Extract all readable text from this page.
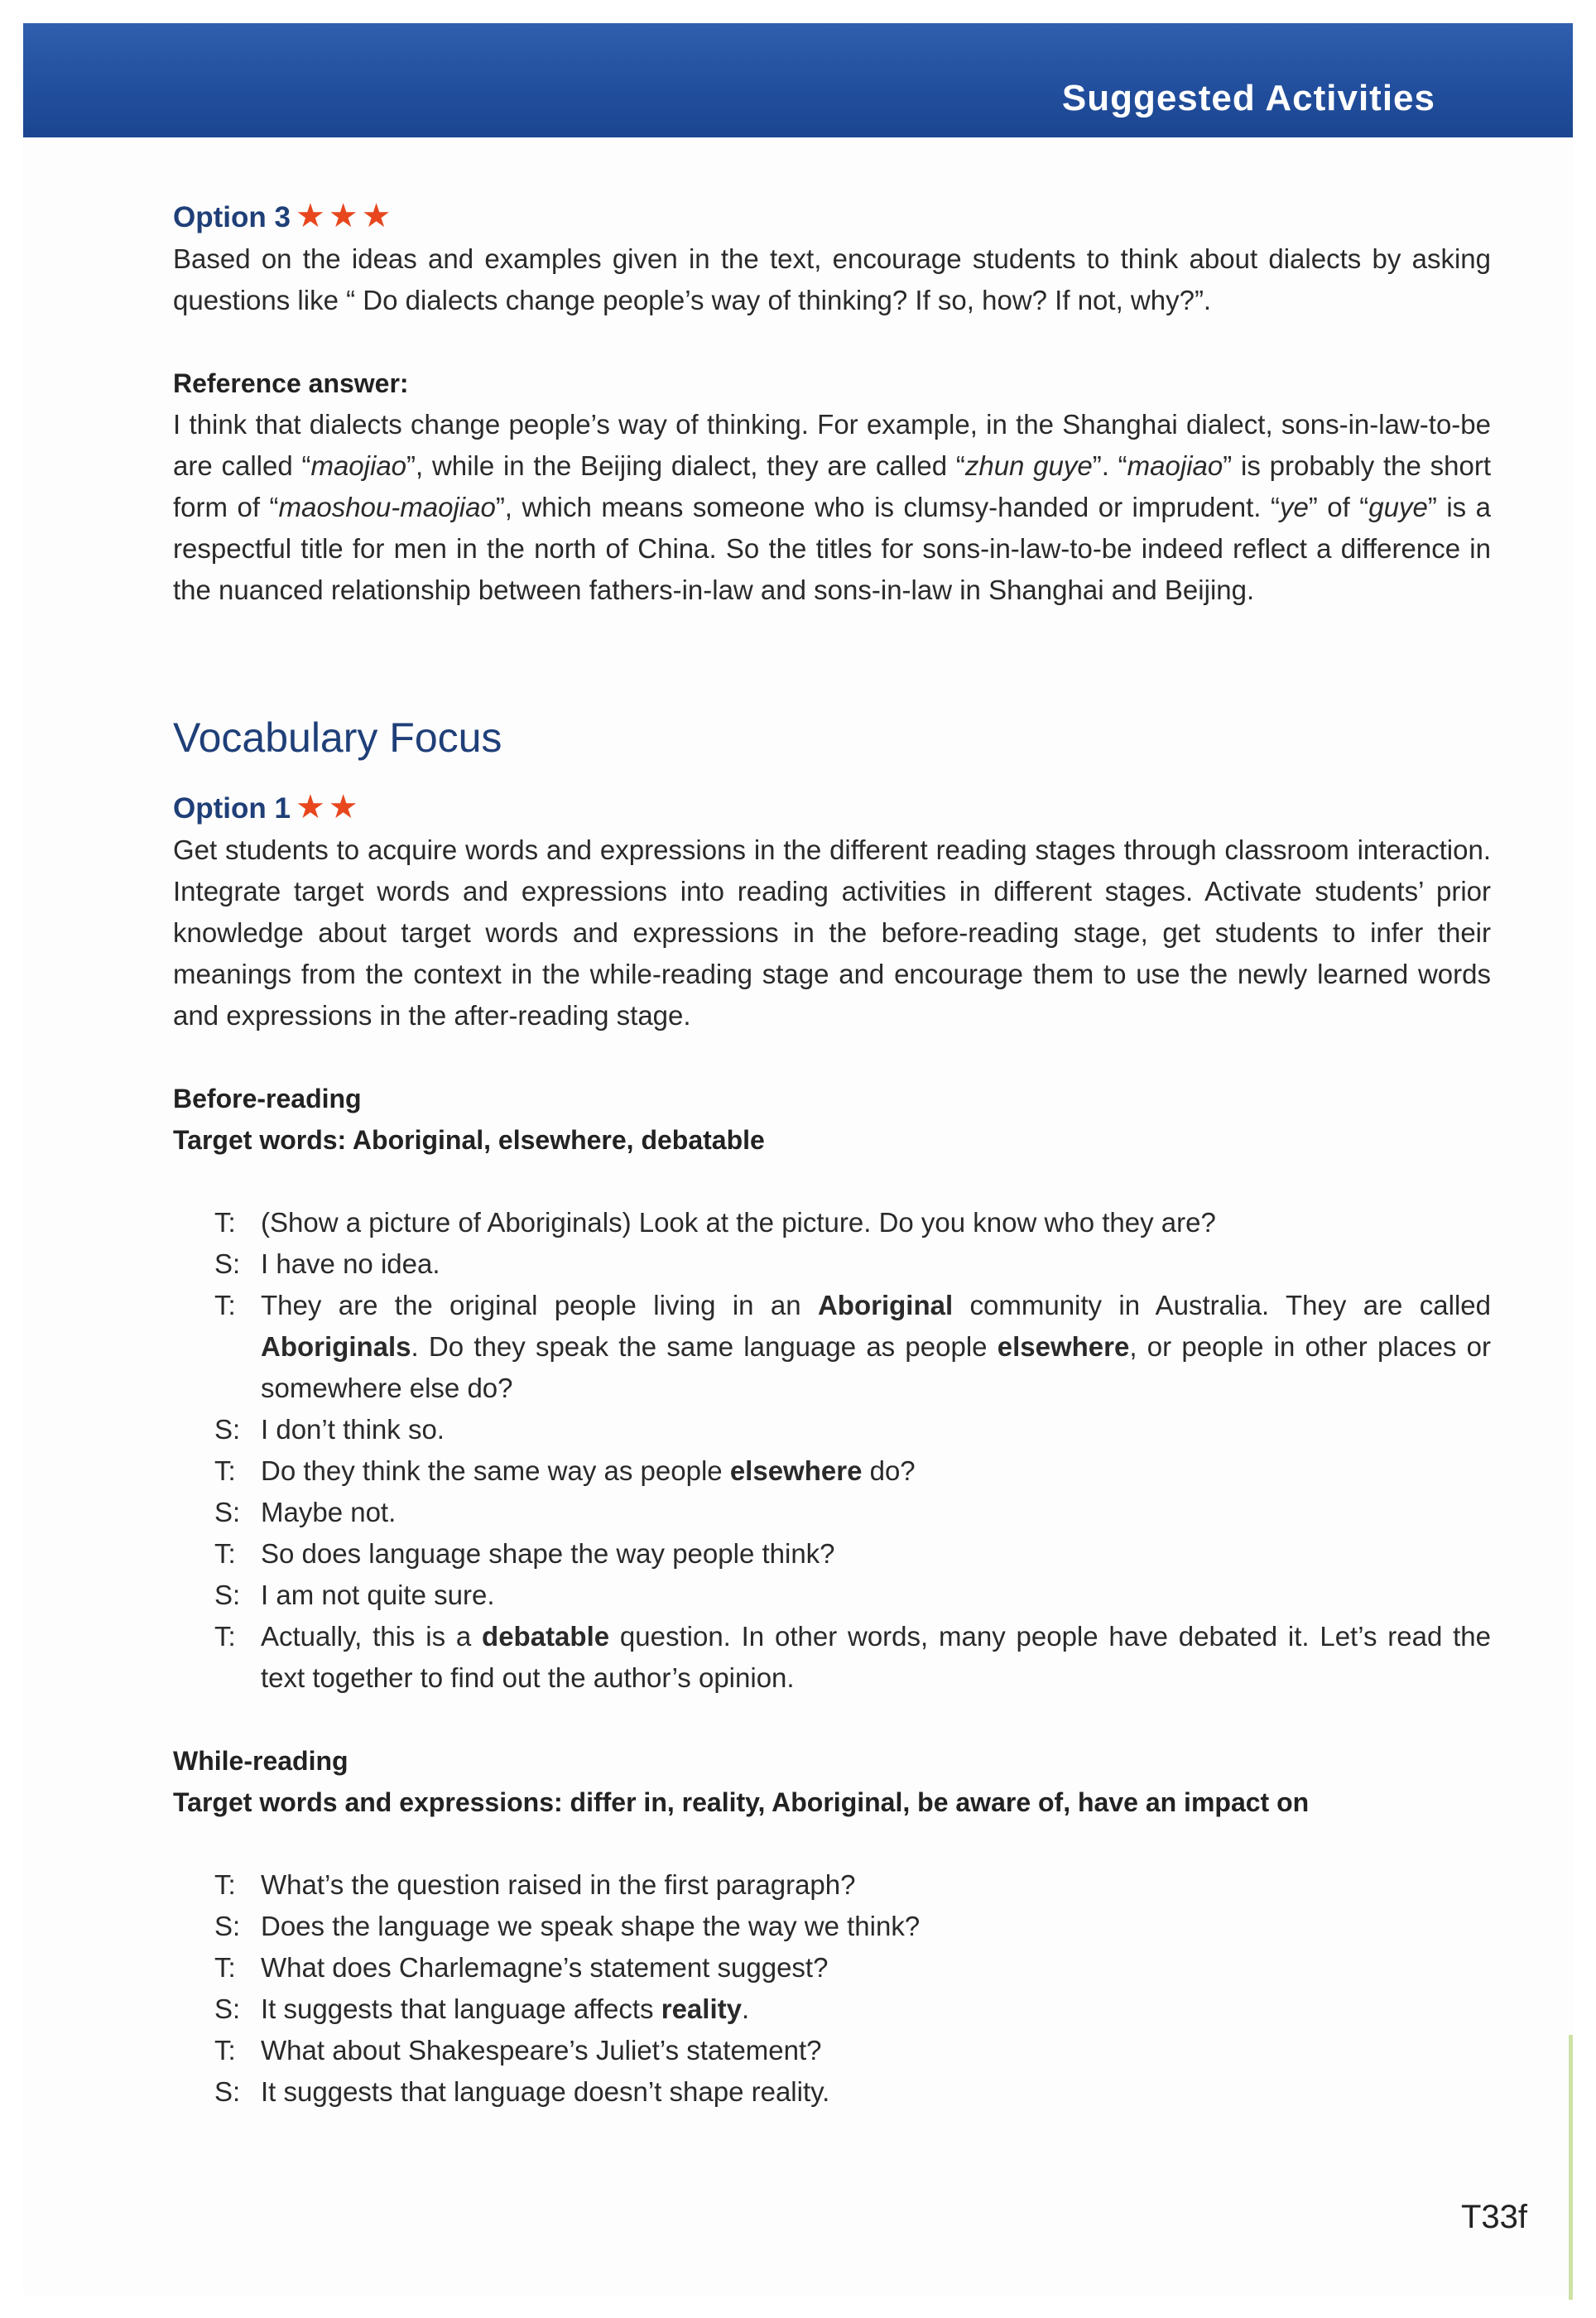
Suggested Activities
Option 3 ★★★

Based on the ideas and examples given in the text, encourage students to think about dialects by asking questions like “ Do dialects change people’s way of thinking? If so, how? If not, why?”.

Reference answer:

I think that dialects change people’s way of thinking. For example, in the Shanghai dialect, sons-in-law-to-be are called “maojiao”, while in the Beijing dialect, they are called “zhun guye”. “maojiao” is probably the short form of “maoshou-maojiao”, which means someone who is clumsy-handed or imprudent. “ye” of “guye” is a respectful title for men in the north of China. So the titles for sons-in-law-to-be indeed reflect a difference in the nuanced relationship between fathers-in-law and sons-in-law in Shanghai and Beijing.

Vocabulary Focus
Option 1 ★★

Get students to acquire words and expressions in the different reading stages through classroom interaction. Integrate target words and expressions into reading activities in different stages. Activate students’ prior knowledge about target words and expressions in the before-reading stage, get students to infer their meanings from the context in the while-reading stage and encourage them to use the newly learned words and expressions in the after-reading stage.

Before-reading
Target words: Aboriginal, elsewhere, debatable
T: (Show a picture of Aboriginals) Look at the picture. Do you know who they are?
S: I have no idea.
T: They are the original people living in an Aboriginal community in Australia. They are called Aboriginals. Do they speak the same language as people elsewhere, or people in other places or somewhere else do?
S: I don’t think so.
T: Do they think the same way as people elsewhere do?
S: Maybe not.
T: So does language shape the way people think?
S: I am not quite sure.
T: Actually, this is a debatable question. In other words, many people have debated it. Let’s read the text together to find out the author’s opinion.
While-reading
Target words and expressions: differ in, reality, Aboriginal, be aware of, have an impact on
T: What’s the question raised in the first paragraph?
S: Does the language we speak shape the way we think?
T: What does Charlemagne’s statement suggest?
S: It suggests that language affects reality.
T: What about Shakespeare’s Juliet’s statement?
S: It suggests that language doesn’t shape reality.
T33f
